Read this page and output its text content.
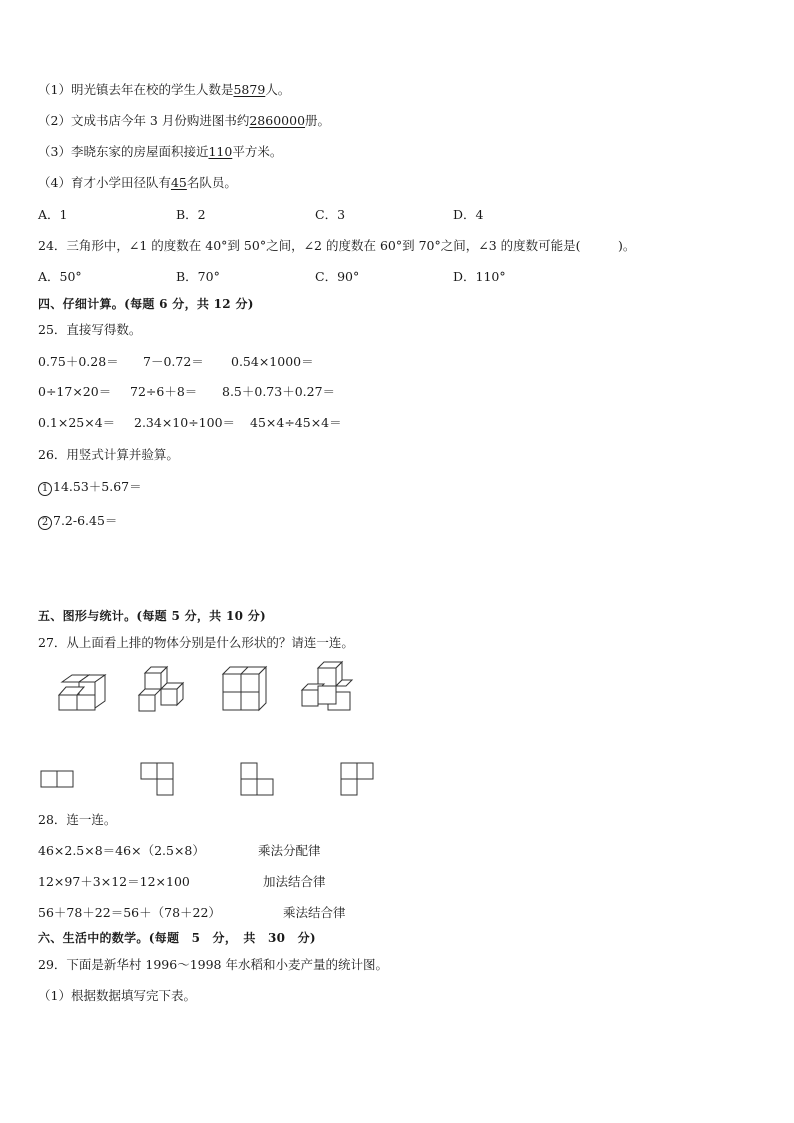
（1）明光镇去年在校的学生人数是5879人。
（2）文成书店今年 3 月份购进图书约2860000册。
（3）李晓东家的房屋面积接近110平方米。
（4）育才小学田径队有45名队员。
A．1	B．2	C．3	D．4
24．三角形中，∠1 的度数在 40°到 50°之间，∠2 的度数在 60°到 70°之间，∠3 的度数可能是(　　　)。
A．50°	B．70°	C．90°	D．110°
四、仔细计算。(每题 6 分，共 12 分)
25．直接写得数。
0.75＋0.28＝ 7－0.72＝ 0.54×1000＝
0÷17×20＝ 72÷6＋8＝ 8.5＋0.73＋0.27＝
0.1×25×4＝ 2.34×10÷100＝ 45×4÷45×4＝
26．用竖式计算并验算。
1 14.53＋5.67＝
2 7.2-6.45＝
五、图形与统计。(每题 5 分，共 10 分)
27．从上面看上排的物体分别是什么形状的？请连一连。
28．连一连。
46×2.5×8＝46×（2.5×8）
12×97＋3×12＝12×100
56＋78＋22＝56＋（78＋22）
乘法分配律
加法结合律
乘法结合律
六、生活中的数学。(每题　5　分，　共　30　分)
29．下面是新华村 1996～1998 年水稻和小麦产量的统计图。
（1）根据数据填写完下表。
